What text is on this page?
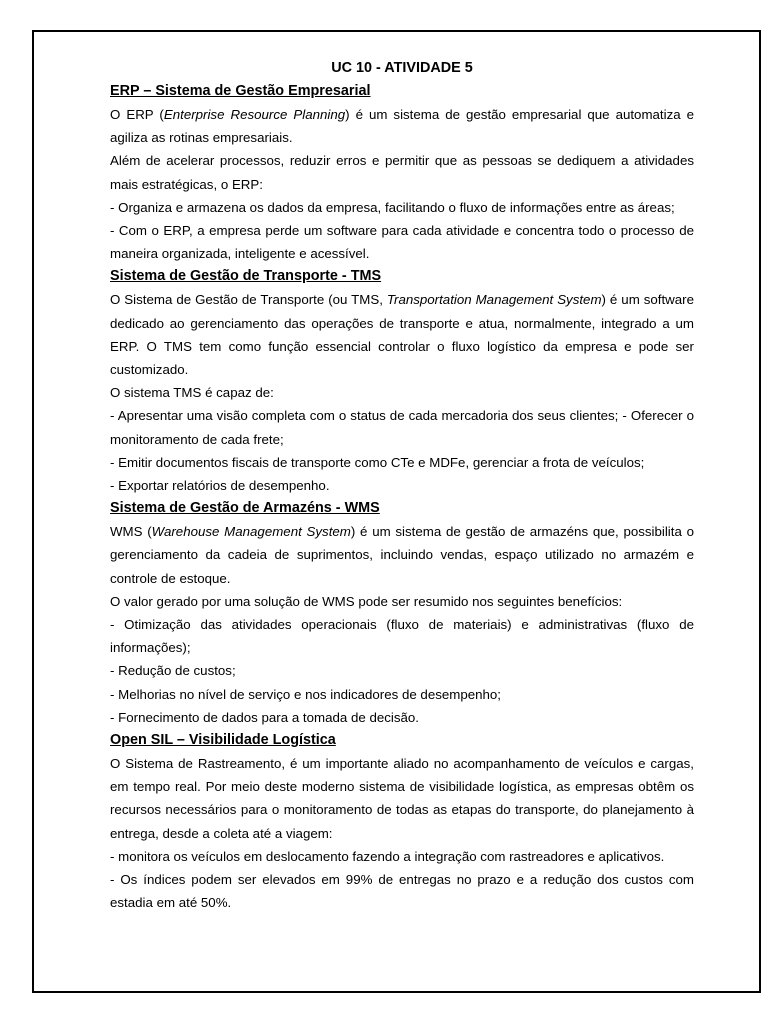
UC 10 - ATIVIDADE 5
ERP – Sistema de Gestão Empresarial

O ERP (Enterprise Resource Planning) é um sistema de gestão empresarial que automatiza e agiliza as rotinas empresariais.

Além de acelerar processos, reduzir erros e permitir que as pessoas se dediquem a atividades mais estratégicas, o ERP:

- Organiza e armazena os dados da empresa, facilitando o fluxo de informações entre as áreas;

- Com o ERP, a empresa perde um software para cada atividade e concentra todo o processo de maneira organizada, inteligente e acessível.

Sistema de Gestão de Transporte - TMS

O Sistema de Gestão de Transporte (ou TMS, Transportation Management System) é um software dedicado ao gerenciamento das operações de transporte e atua, normalmente, integrado a um ERP. O TMS tem como função essencial controlar o fluxo logístico da empresa e pode ser customizado.

O sistema TMS é capaz de:

- Apresentar uma visão completa com o status de cada mercadoria dos seus clientes; - Oferecer o monitoramento de cada frete;

- Emitir documentos fiscais de transporte como CTe e MDFe, gerenciar a frota de veículos;

- Exportar relatórios de desempenho.

Sistema de Gestão de Armazéns - WMS

WMS (Warehouse Management System) é um sistema de gestão de armazéns que, possibilita o gerenciamento da cadeia de suprimentos, incluindo vendas, espaço utilizado no armazém e controle de estoque.

O valor gerado por uma solução de WMS pode ser resumido nos seguintes benefícios:

- Otimização das atividades operacionais (fluxo de materiais) e administrativas (fluxo de informações);

- Redução de custos;

- Melhorias no nível de serviço e nos indicadores de desempenho;

- Fornecimento de dados para a tomada de decisão.

Open SIL – Visibilidade Logística

O Sistema de Rastreamento, é um importante aliado no acompanhamento de veículos e cargas, em tempo real. Por meio deste moderno sistema de visibilidade logística, as empresas obtêm os recursos necessários para o monitoramento de todas as etapas do transporte, do planejamento à entrega, desde a coleta até a viagem:

- monitora os veículos em deslocamento fazendo a integração com rastreadores e aplicativos.

- Os índices podem ser elevados em 99% de entregas no prazo e a redução dos custos com estadia em até 50%.
